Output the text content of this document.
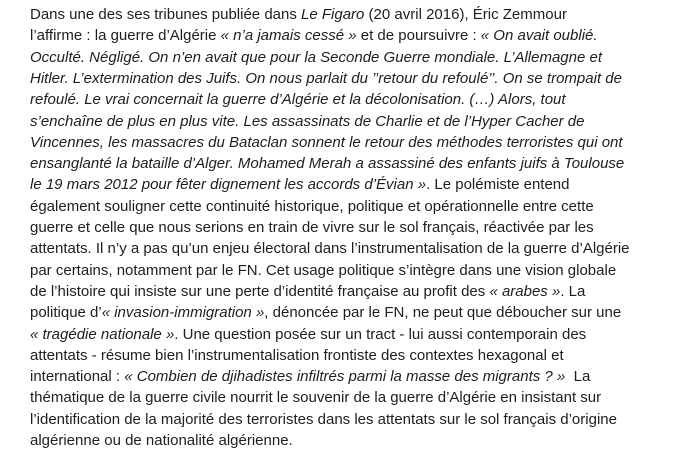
Dans une des ses tribunes publiée dans Le Figaro (20 avril 2016), Éric Zemmour
l’affirme : la guerre d’Algérie « n’a jamais cessé » et de poursuivre : « On avait oublié.
Occulté. Négligé. On n’en avait que pour la Seconde Guerre mondiale. L’Allemagne et
Hitler. L’extermination des Juifs. On nous parlait du ’’retour du refoulé’’. On se trompait de
refoulé. Le vrai concernait la guerre d’Algérie et la décolonisation. (…) Alors, tout
s’enchaîne de plus en plus vite. Les assassinats de Charlie et de l’Hyper Cacher de
Vincennes, les massacres du Bataclan sonnent le retour des méthodes terroristes qui ont
ensanglanté la bataille d’Alger. Mohamed Merah a assassiné des enfants juifs à Toulouse
le 19 mars 2012 pour fêter dignement les accords d’Évian ». Le polémiste entend
également souligner cette continuité historique, politique et opérationnelle entre cette
guerre et celle que nous serions en train de vivre sur le sol français, réactivée par les
attentats. Il n’y a pas qu’un enjeu électoral dans l’instrumentalisation de la guerre d’Algérie
par certains, notamment par le FN. Cet usage politique s’intègre dans une vision globale
de l’histoire qui insiste sur une perte d’identité française au profit des « arabes ». La
politique d’« invasion-immigration », dénoncée par le FN, ne peut que déboucher sur une
« tragédie nationale ». Une question posée sur un tract - lui aussi contemporain des
attentats - résume bien l’instrumentalisation frontiste des contextes hexagonal et
international : « Combien de djihadistes infiltrés parmi la masse des migrants ? »  La
thématique de la guerre civile nourrit le souvenir de la guerre d’Algérie en insistant sur
l’identification de la majorité des terroristes dans les attentats sur le sol français d’origine
algérienne ou de nationalité algérienne.
